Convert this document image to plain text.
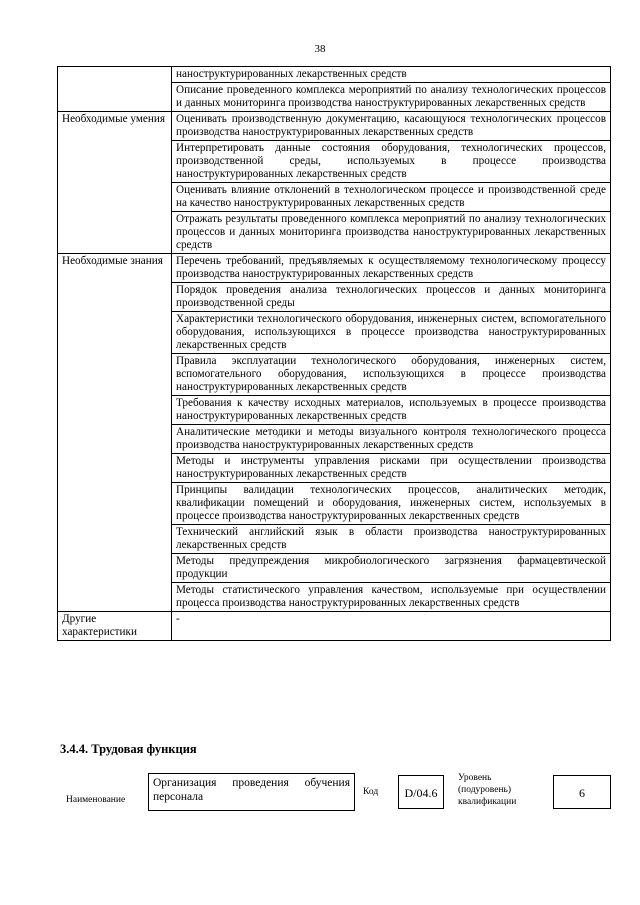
38
	наноструктурированных лекарственных средств
	Описание проведенного комплекса мероприятий по анализу технологических процессов и данных мониторинга производства наноструктурированных лекарственных средств
Необходимые умения	Оценивать производственную документацию, касающуюся технологических процессов производства наноструктурированных лекарственных средств
	Интерпретировать данные состояния оборудования, технологических процессов, производственной среды, используемых в процессе производства наноструктурированных лекарственных средств
	Оценивать влияние отклонений в технологическом процессе и производственной среде на качество наноструктурированных лекарственных средств
	Отражать результаты проведенного комплекса мероприятий по анализу технологических процессов и данных мониторинга производства наноструктурированных лекарственных средств
Необходимые знания	Перечень требований, предъявляемых к осуществляемому технологическому процессу производства наноструктурированных лекарственных средств
	Порядок проведения анализа технологических процессов и данных мониторинга производственной среды
	Характеристики технологического оборудования, инженерных систем, вспомогательного оборудования, использующихся в процессе производства наноструктурированных лекарственных средств
	Правила эксплуатации технологического оборудования, инженерных систем, вспомогательного оборудования, использующихся в процессе производства наноструктурированных лекарственных средств
	Требования к качеству исходных материалов, используемых в процессе производства наноструктурированных лекарственных средств
	Аналитические методики и методы визуального контроля технологического процесса производства наноструктурированных лекарственных средств
	Методы и инструменты управления рисками при осуществлении производства наноструктурированных лекарственных средств
	Принципы валидации технологических процессов, аналитических методик, квалификации помещений и оборудования, инженерных систем, используемых в процессе производства наноструктурированных лекарственных средств
	Технический английский язык в области производства наноструктурированных лекарственных средств
	Методы предупреждения микробиологического загрязнения фармацевтической продукции
	Методы статистического управления качеством, используемые при осуществлении процесса производства наноструктурированных лекарственных средств
Другие характеристики	-
3.4.4. Трудовая функция
Наименование
Организация проведения обучения персонала	Код	D/04.6
Уровень (подуровень) квалификации
6
